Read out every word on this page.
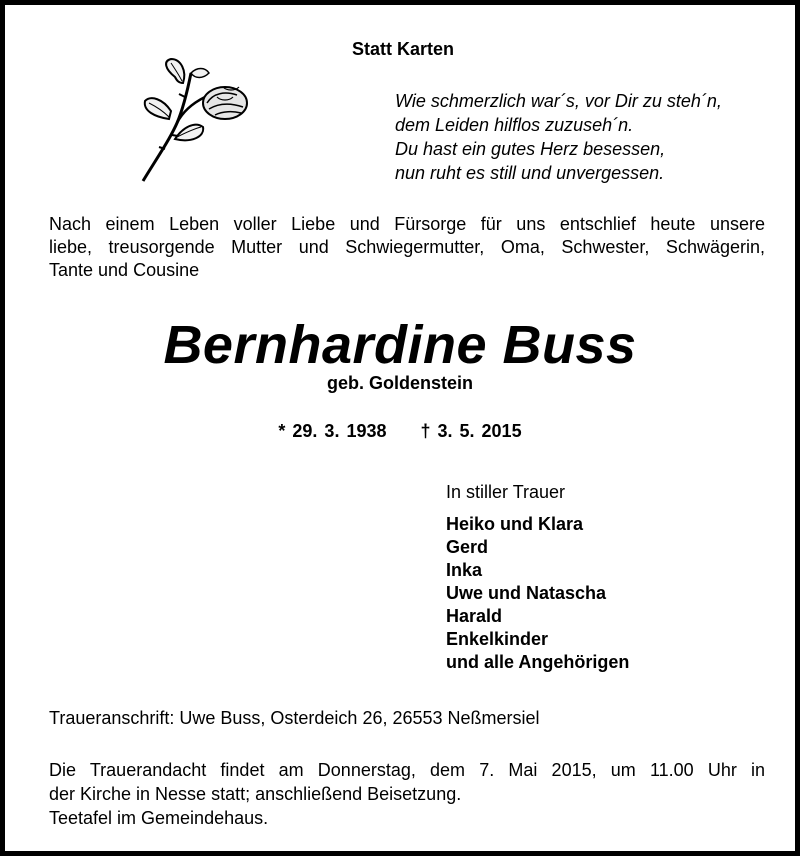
Statt Karten
Wie schmerzlich war´s, vor Dir zu steh´n,
dem Leiden hilflos zuzuseh´n.
Du hast ein gutes Herz besessen,
nun ruht es still und unvergessen.
Nach einem Leben voller Liebe und Fürsorge für uns entschlief heute unsere
liebe, treusorgende Mutter und Schwiegermutter, Oma, Schwester, Schwägerin,
Tante und Cousine
Bernhardine Buss
geb. Goldenstein
* 29. 3. 1938 † 3. 5. 2015
In stiller Trauer
Heiko und Klara
Gerd
Inka
Uwe und Natascha
Harald
Enkelkinder
und alle Angehörigen
Traueranschrift: Uwe Buss, Osterdeich 26, 26553 Neßmersiel
Die Trauerandacht findet am Donnerstag, dem 7. Mai 2015, um 11.00 Uhr in
der Kirche in Nesse statt; anschließend Beisetzung.
Teetafel im Gemeindehaus.
